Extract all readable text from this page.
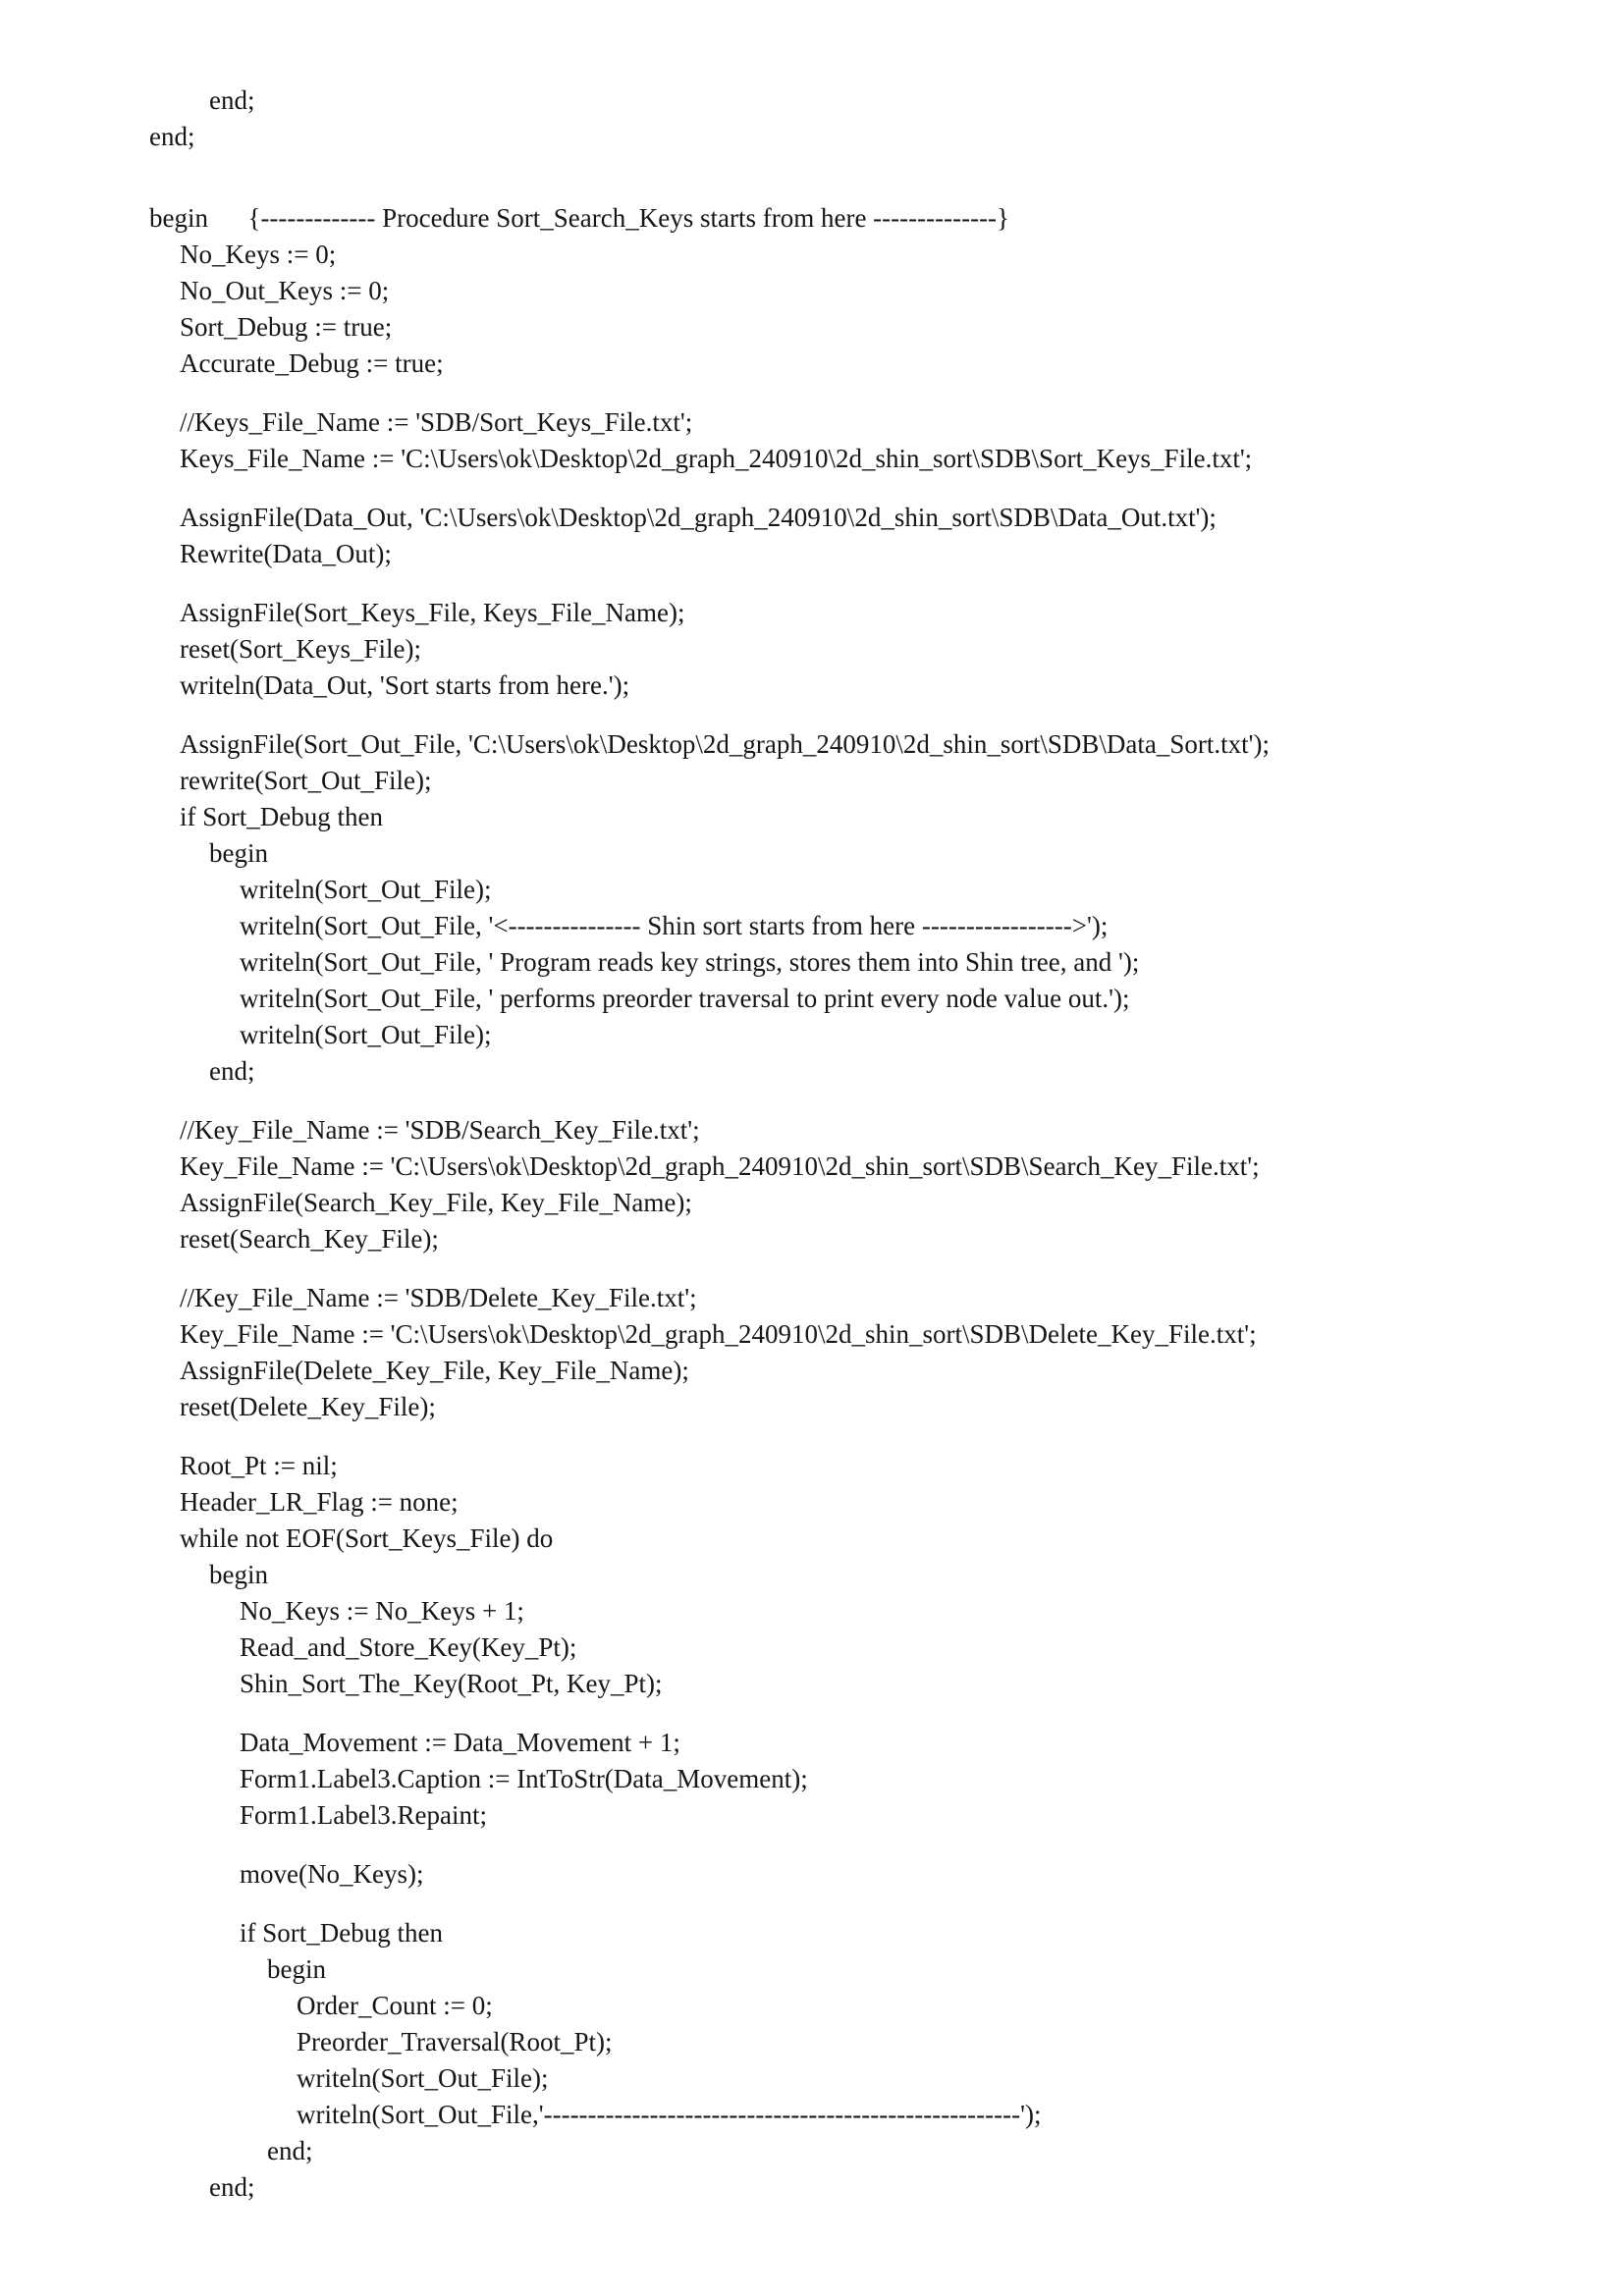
end;
end;
begin      {------------- Procedure Sort_Search_Keys starts from here --------------}
No_Keys := 0;
No_Out_Keys := 0;
Sort_Debug := true;
Accurate_Debug := true;
//Keys_File_Name := 'SDB/Sort_Keys_File.txt';
Keys_File_Name := 'C:\Users\ok\Desktop\2d_graph_240910\2d_shin_sort\SDB\Sort_Keys_File.txt';
AssignFile(Data_Out, 'C:\Users\ok\Desktop\2d_graph_240910\2d_shin_sort\SDB\Data_Out.txt');
Rewrite(Data_Out);
AssignFile(Sort_Keys_File, Keys_File_Name);
reset(Sort_Keys_File);
writeln(Data_Out, 'Sort starts from here.');
AssignFile(Sort_Out_File, 'C:\Users\ok\Desktop\2d_graph_240910\2d_shin_sort\SDB\Data_Sort.txt');
rewrite(Sort_Out_File);
if Sort_Debug then
begin
writeln(Sort_Out_File);
writeln(Sort_Out_File, '<--------------- Shin sort starts from here ----------------->');
writeln(Sort_Out_File, ' Program reads key strings, stores them into Shin tree, and ');
writeln(Sort_Out_File, ' performs preorder traversal to print every node value out.');
writeln(Sort_Out_File);
end;
//Key_File_Name := 'SDB/Search_Key_File.txt';
Key_File_Name := 'C:\Users\ok\Desktop\2d_graph_240910\2d_shin_sort\SDB\Search_Key_File.txt';
AssignFile(Search_Key_File, Key_File_Name);
reset(Search_Key_File);
//Key_File_Name := 'SDB/Delete_Key_File.txt';
Key_File_Name := 'C:\Users\ok\Desktop\2d_graph_240910\2d_shin_sort\SDB\Delete_Key_File.txt';
AssignFile(Delete_Key_File, Key_File_Name);
reset(Delete_Key_File);
Root_Pt := nil;
Header_LR_Flag := none;
while not EOF(Sort_Keys_File) do
begin
No_Keys := No_Keys + 1;
Read_and_Store_Key(Key_Pt);
Shin_Sort_The_Key(Root_Pt, Key_Pt);
Data_Movement := Data_Movement + 1;
Form1.Label3.Caption := IntToStr(Data_Movement);
Form1.Label3.Repaint;
move(No_Keys);
if Sort_Debug then
begin
Order_Count := 0;
Preorder_Traversal(Root_Pt);
writeln(Sort_Out_File);
writeln(Sort_Out_File,'------------------------------------------------------');
end;
end;
